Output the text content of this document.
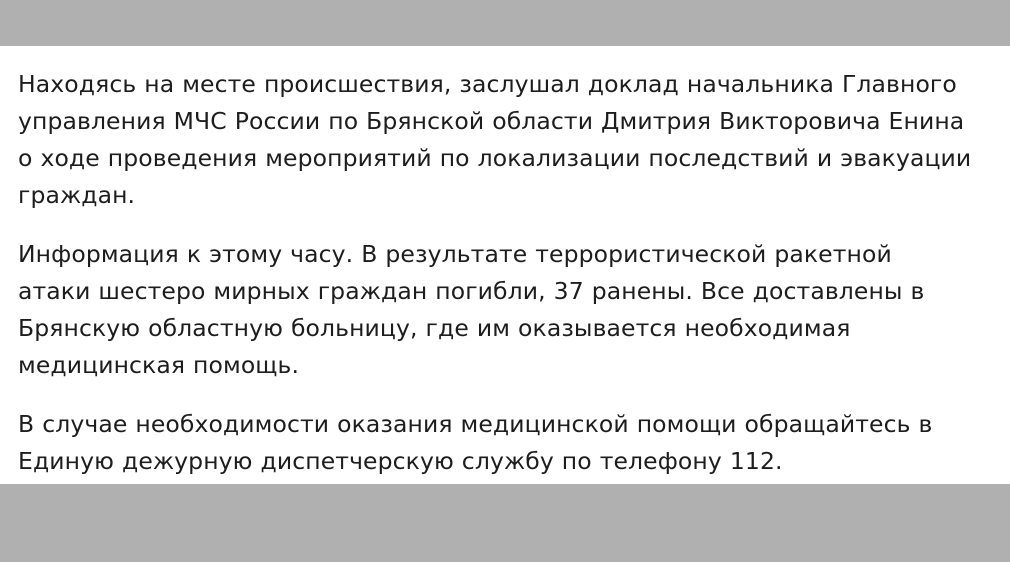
Находясь на месте происшествия, заслушал доклад начальника Главного управления МЧС России по Брянской области Дмитрия Викторовича Енина о ходе проведения мероприятий по локализации последствий и эвакуации граждан.

Информация к этому часу. В результате террористической ракетной атаки шестеро мирных граждан погибли, 37 ранены. Все доставлены в Брянскую областную больницу, где им оказывается необходимая медицинская помощь.

В случае необходимости оказания медицинской помощи обращайтесь в Единую дежурную диспетчерскую службу по телефону 112.
